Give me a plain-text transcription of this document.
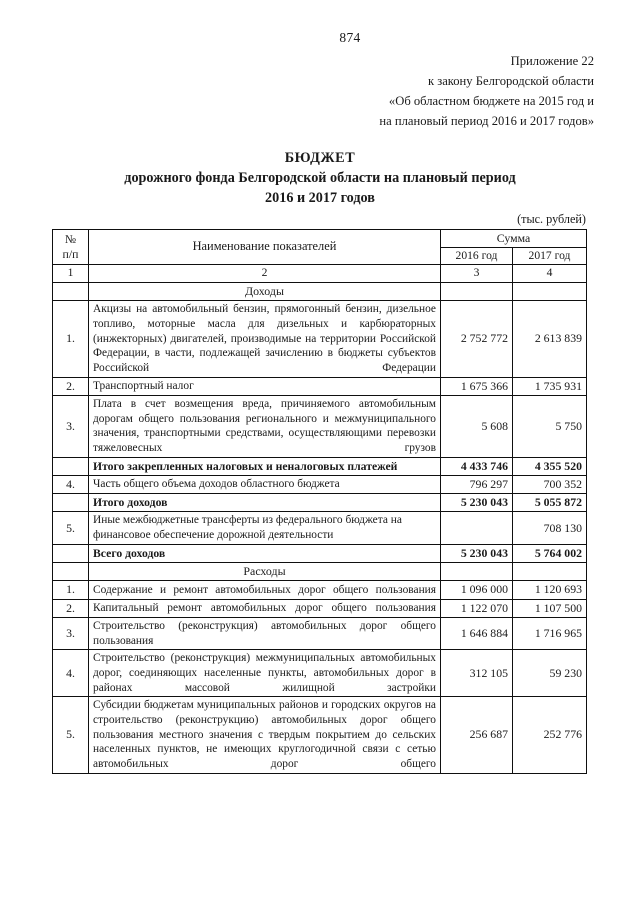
874
Приложение 22
к закону Белгородской области
«Об областном бюджете на 2015 год и
на плановый период 2016 и 2017 годов»
БЮДЖЕТ
дорожного фонда Белгородской области на плановый период
2016 и 2017 годов
(тыс. рублей)
№
п/п	Наименование показателей	Сумма	
		2016 год	2017 год
1	2	3	4
	Доходы		
1.	Акцизы на автомобильный бензин, прямогонный бензин, дизельное топливо, моторные масла для дизельных и карбюраторных (инжекторных) двигателей, производимые на территории Российской Федерации, в части, подлежащей зачислению в бюджеты субъектов Российской Федерации	2 752 772	2 613 839
2.	Транспортный налог	1 675 366	1 735 931
3.	Плата в счет возмещения вреда, причиняемого автомобильным дорогам общего пользования регионального и межмуниципального значения, транспортными средствами, осуществляющими перевозки тяжеловесных грузов	5 608	5 750
	Итого закрепленных налоговых и неналоговых платежей	4 433 746	4 355 520
4.	Часть общего объема доходов областного бюджета	796 297	700 352
	Итого доходов	5 230 043	5 055 872
5.	Иные межбюджетные трансферты из федерального бюджета на финансовое обеспечение дорожной деятельности		708 130
	Всего доходов	5 230 043	5 764 002
	Расходы		
1.	Содержание и ремонт автомобильных дорог общего пользования	1 096 000	1 120 693
2.	Капитальный ремонт автомобильных дорог общего пользования	1 122 070	1 107 500
3.	Строительство (реконструкция) автомобильных дорог общего пользования	1 646 884	1 716 965
4.	Строительство (реконструкция) межмуниципальных автомобильных дорог, соединяющих населенные пункты, автомобильных дорог в районах массовой жилищной застройки	312 105	59 230
5.	Субсидии бюджетам муниципальных районов и городских округов на строительство (реконструкцию) автомобильных дорог общего пользования местного значения с твердым покрытием до сельских населенных пунктов, не имеющих круглогодичной связи с сетью автомобильных дорог общего	256 687	252 776
